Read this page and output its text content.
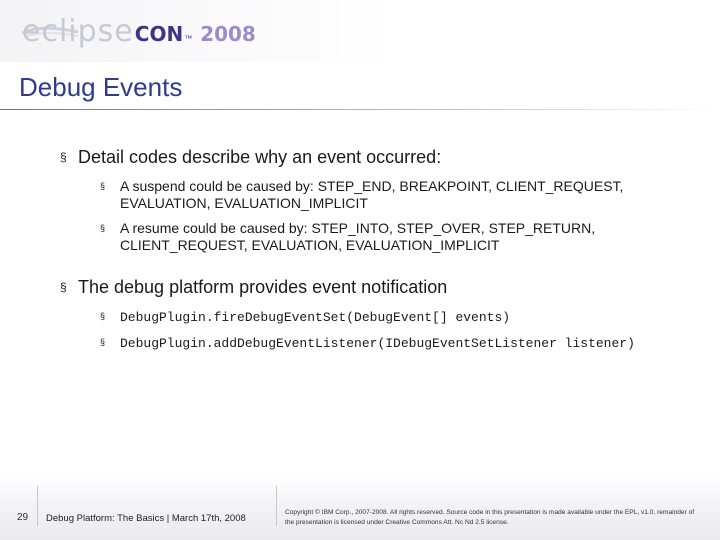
eclipse CON ™ 2008
Debug Events
§ Detail codes describe why an event occurred:
§ A suspend could be caused by: STEP_END, BREAKPOINT, CLIENT_REQUEST, EVALUATION, EVALUATION_IMPLICIT
§ A resume could be caused by: STEP_INTO, STEP_OVER, STEP_RETURN, CLIENT_REQUEST, EVALUATION, EVALUATION_IMPLICIT
§ The debug platform provides event notification
§ DebugPlugin.fireDebugEventSet(DebugEvent[] events)
§ DebugPlugin.addDebugEventListener(IDebugEventSetListener listener)
29 Debug Platform: The Basics | March 17th, 2008
Copyright © IBM Corp., 2007-2008. All rights reserved. Source code in this presentation is made available under the EPL, v1.0, remainder of the presentation is licensed under Creative Commons Att. Nc Nd 2.5 license.
